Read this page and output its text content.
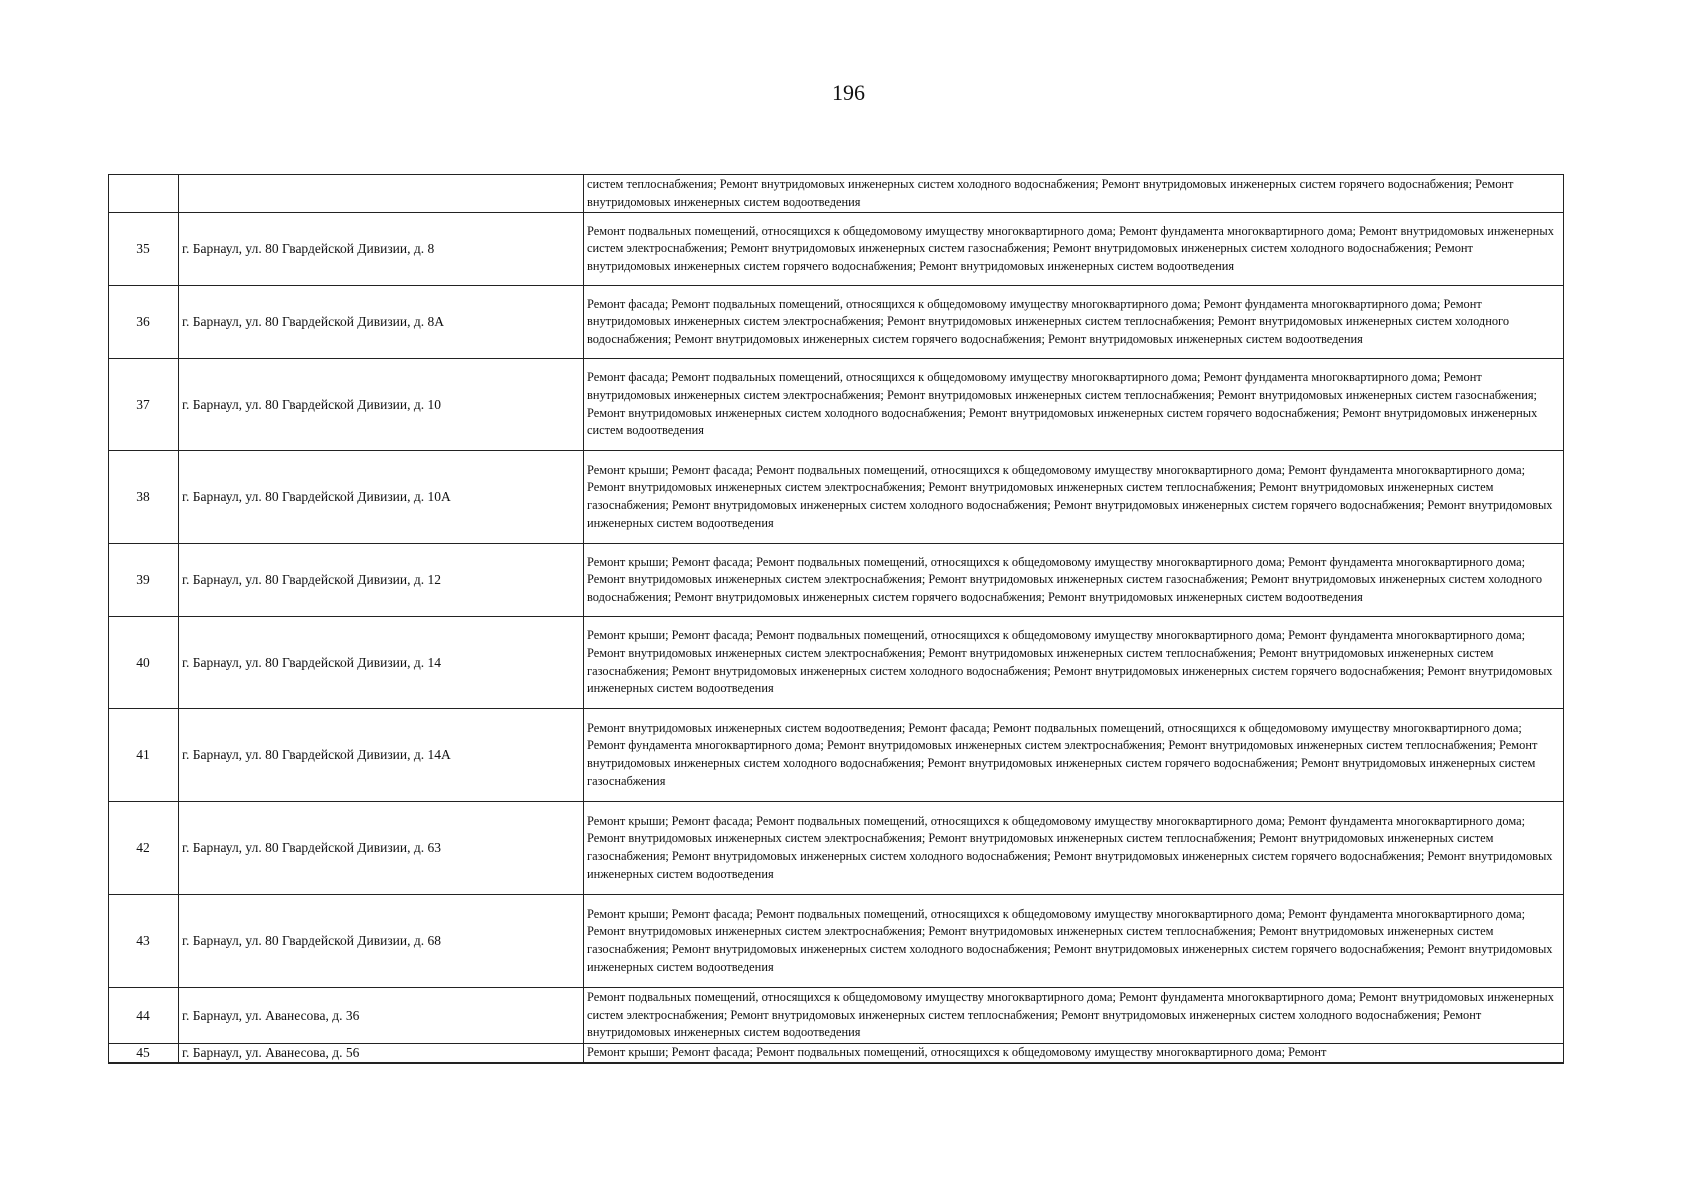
196
		систем теплоснабжения; Ремонт внутридомовых инженерных систем холодного водоснабжения; Ремонт внутридомовых инженерных систем горячего водоснабжения; Ремонт внутридомовых инженерных систем водоотведения
35	г. Барнаул, ул. 80 Гвардейской Дивизии, д. 8	Ремонт подвальных помещений, относящихся к общедомовому имуществу многоквартирного дома; Ремонт фундамента многоквартирного дома; Ремонт внутридомовых инженерных систем электроснабжения; Ремонт внутридомовых инженерных систем газоснабжения; Ремонт внутридомовых инженерных систем холодного водоснабжения; Ремонт внутридомовых инженерных систем горячего водоснабжения; Ремонт внутридомовых инженерных систем водоотведения
36	г. Барнаул, ул. 80 Гвардейской Дивизии, д. 8А	Ремонт фасада; Ремонт подвальных помещений, относящихся к общедомовому имуществу многоквартирного дома; Ремонт фундамента многоквартирного дома; Ремонт внутридомовых инженерных систем электроснабжения; Ремонт внутридомовых инженерных систем теплоснабжения; Ремонт внутридомовых инженерных систем холодного водоснабжения; Ремонт внутридомовых инженерных систем горячего водоснабжения; Ремонт внутридомовых инженерных систем водоотведения
37	г. Барнаул, ул. 80 Гвардейской Дивизии, д. 10	Ремонт фасада; Ремонт подвальных помещений, относящихся к общедомовому имуществу многоквартирного дома; Ремонт фундамента многоквартирного дома; Ремонт внутридомовых инженерных систем электроснабжения; Ремонт внутридомовых инженерных систем теплоснабжения; Ремонт внутридомовых инженерных систем газоснабжения; Ремонт внутридомовых инженерных систем холодного водоснабжения; Ремонт внутридомовых инженерных систем горячего водоснабжения; Ремонт внутридомовых инженерных систем водоотведения
38	г. Барнаул, ул. 80 Гвардейской Дивизии, д. 10А	Ремонт крыши; Ремонт фасада; Ремонт подвальных помещений, относящихся к общедомовому имуществу многоквартирного дома; Ремонт фундамента многоквартирного дома; Ремонт внутридомовых инженерных систем электроснабжения; Ремонт внутридомовых инженерных систем теплоснабжения; Ремонт внутридомовых инженерных систем газоснабжения; Ремонт внутридомовых инженерных систем холодного водоснабжения; Ремонт внутридомовых инженерных систем горячего водоснабжения; Ремонт внутридомовых инженерных систем водоотведения
39	г. Барнаул, ул. 80 Гвардейской Дивизии, д. 12	Ремонт крыши; Ремонт фасада; Ремонт подвальных помещений, относящихся к общедомовому имуществу многоквартирного дома; Ремонт фундамента многоквартирного дома; Ремонт внутридомовых инженерных систем электроснабжения; Ремонт внутридомовых инженерных систем газоснабжения; Ремонт внутридомовых инженерных систем холодного водоснабжения; Ремонт внутридомовых инженерных систем горячего водоснабжения; Ремонт внутридомовых инженерных систем водоотведения
40	г. Барнаул, ул. 80 Гвардейской Дивизии, д. 14	Ремонт крыши; Ремонт фасада; Ремонт подвальных помещений, относящихся к общедомовому имуществу многоквартирного дома; Ремонт фундамента многоквартирного дома; Ремонт внутридомовых инженерных систем электроснабжения; Ремонт внутридомовых инженерных систем теплоснабжения; Ремонт внутридомовых инженерных систем газоснабжения; Ремонт внутридомовых инженерных систем холодного водоснабжения; Ремонт внутридомовых инженерных систем горячего водоснабжения; Ремонт внутридомовых инженерных систем водоотведения
41	г. Барнаул, ул. 80 Гвардейской Дивизии, д. 14А	Ремонт внутридомовых инженерных систем водоотведения; Ремонт фасада; Ремонт подвальных помещений, относящихся к общедомовому имуществу многоквартирного дома; Ремонт фундамента многоквартирного дома; Ремонт внутридомовых инженерных систем электроснабжения; Ремонт внутридомовых инженерных систем теплоснабжения; Ремонт внутридомовых инженерных систем холодного водоснабжения; Ремонт внутридомовых инженерных систем горячего водоснабжения; Ремонт внутридомовых инженерных систем газоснабжения
42	г. Барнаул, ул. 80 Гвардейской Дивизии, д. 63	Ремонт крыши; Ремонт фасада; Ремонт подвальных помещений, относящихся к общедомовому имуществу многоквартирного дома; Ремонт фундамента многоквартирного дома; Ремонт внутридомовых инженерных систем электроснабжения; Ремонт внутридомовых инженерных систем теплоснабжения; Ремонт внутридомовых инженерных систем газоснабжения; Ремонт внутридомовых инженерных систем холодного водоснабжения; Ремонт внутридомовых инженерных систем горячего водоснабжения; Ремонт внутридомовых инженерных систем водоотведения
43	г. Барнаул, ул. 80 Гвардейской Дивизии, д. 68	Ремонт крыши; Ремонт фасада; Ремонт подвальных помещений, относящихся к общедомовому имуществу многоквартирного дома; Ремонт фундамента многоквартирного дома; Ремонт внутридомовых инженерных систем электроснабжения; Ремонт внутридомовых инженерных систем теплоснабжения; Ремонт внутридомовых инженерных систем газоснабжения; Ремонт внутридомовых инженерных систем холодного водоснабжения; Ремонт внутридомовых инженерных систем горячего водоснабжения; Ремонт внутридомовых инженерных систем водоотведения
44	г. Барнаул, ул. Аванесова, д. 36	Ремонт подвальных помещений, относящихся к общедомовому имуществу многоквартирного дома; Ремонт фундамента многоквартирного дома; Ремонт внутридомовых инженерных систем электроснабжения; Ремонт внутридомовых инженерных систем теплоснабжения; Ремонт внутридомовых инженерных систем холодного водоснабжения; Ремонт внутридомовых инженерных систем водоотведения
45	г. Барнаул, ул. Аванесова, д. 56	Ремонт крыши; Ремонт фасада; Ремонт подвальных помещений, относящихся к общедомовому имуществу многоквартирного дома; Ремонт
